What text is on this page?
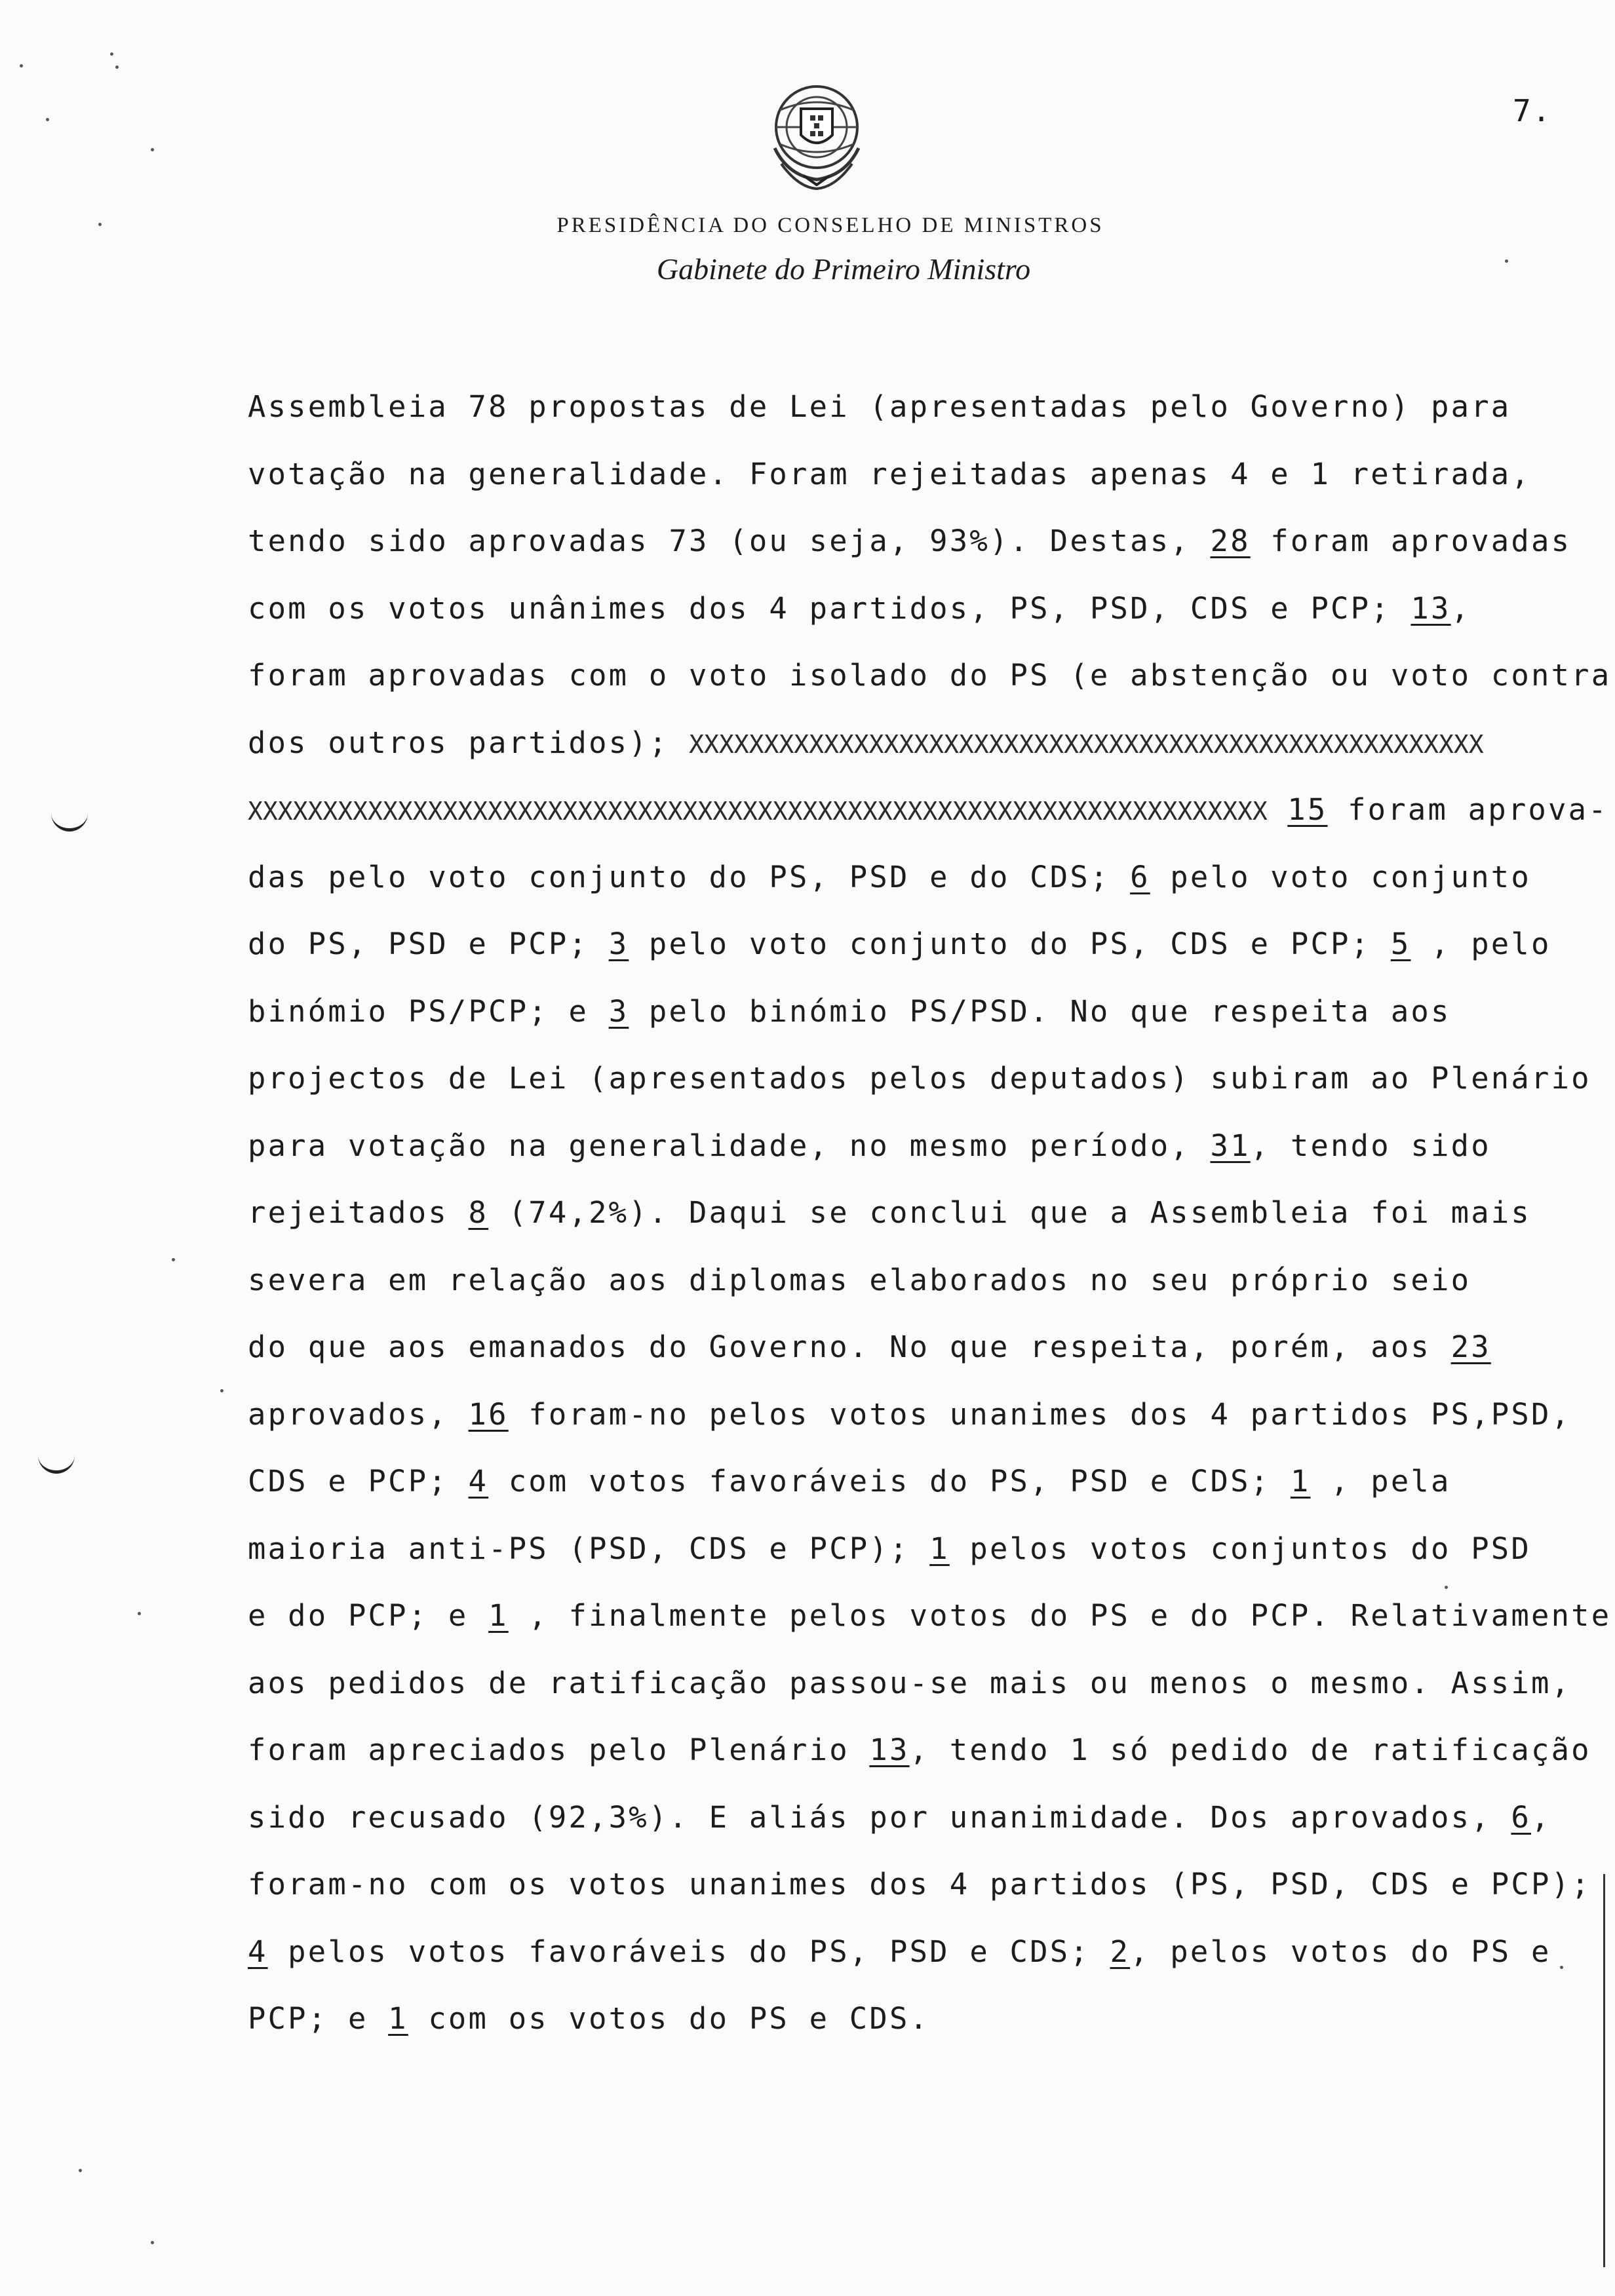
7.
PRESIDÊNCIA DO CONSELHO DE MINISTROS
Gabinete do Primeiro Ministro
Assembleia 78 propostas de Lei (apresentadas pelo Governo) para
votação na generalidade. Foram rejeitadas apenas 4 e 1 retirada,
tendo sido aprovadas 73 (ou seja, 93%). Destas, 28 foram aprovadas
com os votos unânimes dos 4 partidos, PS, PSD, CDS e PCP; 13,
foram aprovadas com o voto isolado do PS (e abstenção ou voto contra
dos outros partidos); XXXXXXXXXXXXXXXXXXXXXXXXXXXXXXXXXXXXXXXXXXXXXXXXXXXXX
XXXXXXXXXXXXXXXXXXXXXXXXXXXXXXXXXXXXXXXXXXXXXXXXXXXXXXXXXXXXXXXXXXXX 15 foram aprova-
das pelo voto conjunto do PS, PSD e do CDS; 6 pelo voto conjunto
do PS, PSD e PCP; 3 pelo voto conjunto do PS, CDS e PCP; 5 , pelo
binómio PS/PCP; e 3 pelo binómio PS/PSD. No que respeita aos
projectos de Lei (apresentados pelos deputados) subiram ao Plenário
para votação na generalidade, no mesmo período, 31, tendo sido
rejeitados 8 (74,2%). Daqui se conclui que a Assembleia foi mais
severa em relação aos diplomas elaborados no seu próprio seio
do que aos emanados do Governo. No que respeita, porém, aos 23
aprovados, 16 foram-no pelos votos unanimes dos 4 partidos PS,PSD,
CDS e PCP; 4 com votos favoráveis do PS, PSD e CDS; 1 , pela
maioria anti-PS (PSD, CDS e PCP); 1 pelos votos conjuntos do PSD
e do PCP; e 1 , finalmente pelos votos do PS e do PCP. Relativamente
aos pedidos de ratificação passou-se mais ou menos o mesmo. Assim,
foram apreciados pelo Plenário 13, tendo 1 só pedido de ratificação
sido recusado (92,3%). E aliás por unanimidade. Dos aprovados, 6,
foram-no com os votos unanimes dos 4 partidos (PS, PSD, CDS e PCP);
4 pelos votos favoráveis do PS, PSD e CDS; 2, pelos votos do PS e
PCP; e 1 com os votos do PS e CDS.
